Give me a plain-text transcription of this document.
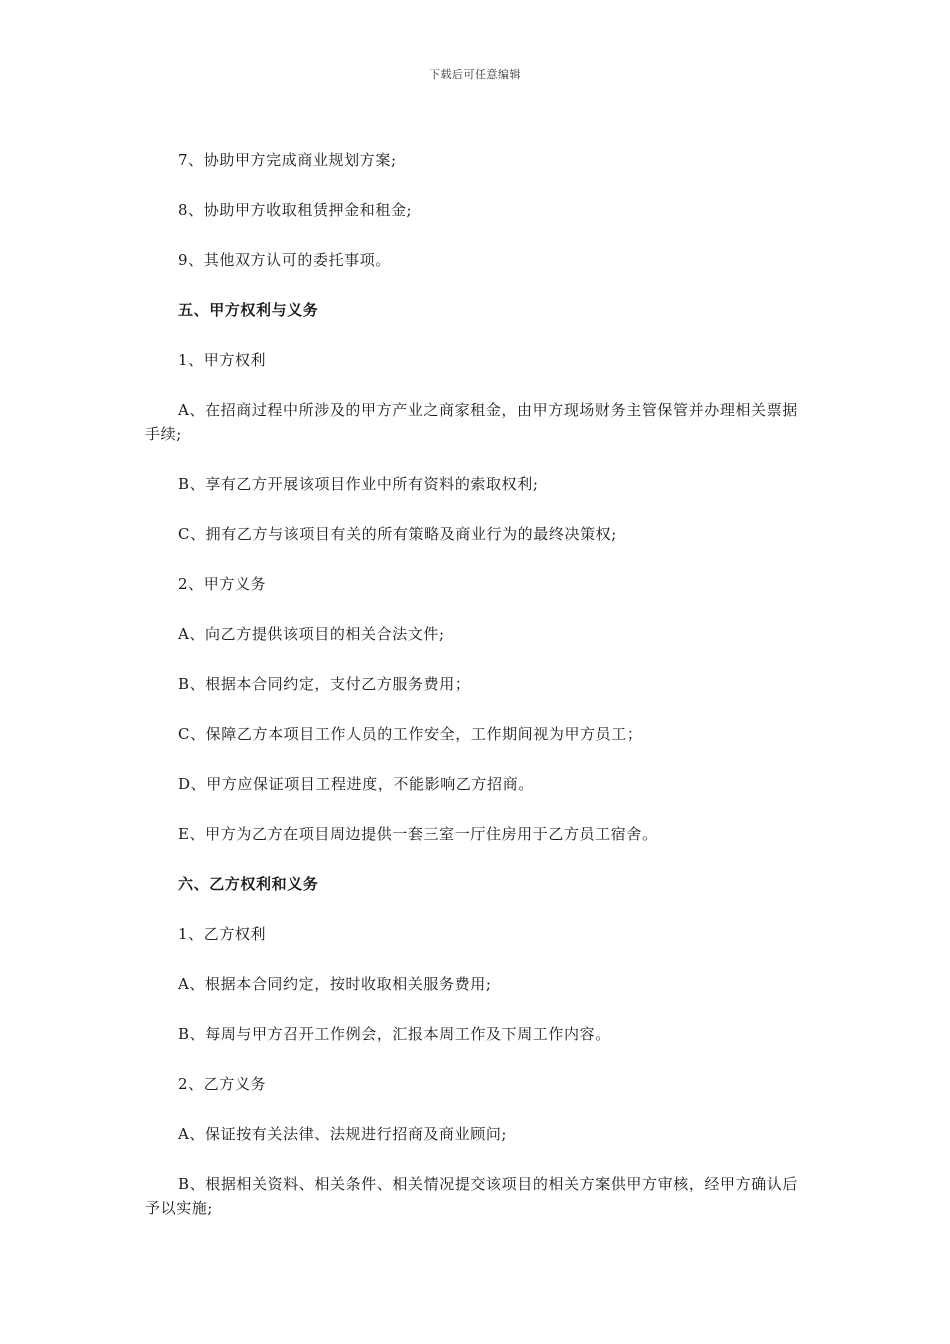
下载后可任意编辑

7、协助甲方完成商业规划方案;

8、协助甲方收取租赁押金和租金;

9、其他双方认可的委托事项。

五、甲方权利与义务

1、甲方权利

A、在招商过程中所涉及的甲方产业之商家租金，由甲方现场财务主管保管并办理相关票据手续;

B、享有乙方开展该项目作业中所有资料的索取权利;

C、拥有乙方与该项目有关的所有策略及商业行为的最终决策权;

2、甲方义务

A、向乙方提供该项目的相关合法文件;

B、根据本合同约定，支付乙方服务费用；

C、保障乙方本项目工作人员的工作安全，工作期间视为甲方员工；

D、甲方应保证项目工程进度，不能影响乙方招商。

E、甲方为乙方在项目周边提供一套三室一厅住房用于乙方员工宿舍。

六、乙方权利和义务

1、乙方权利

A、根据本合同约定，按时收取相关服务费用;

B、每周与甲方召开工作例会，汇报本周工作及下周工作内容。

2、乙方义务

A、保证按有关法律、法规进行招商及商业顾问;

B、根据相关资料、相关条件、相关情况提交该项目的相关方案供甲方审核，经甲方确认后予以实施;
